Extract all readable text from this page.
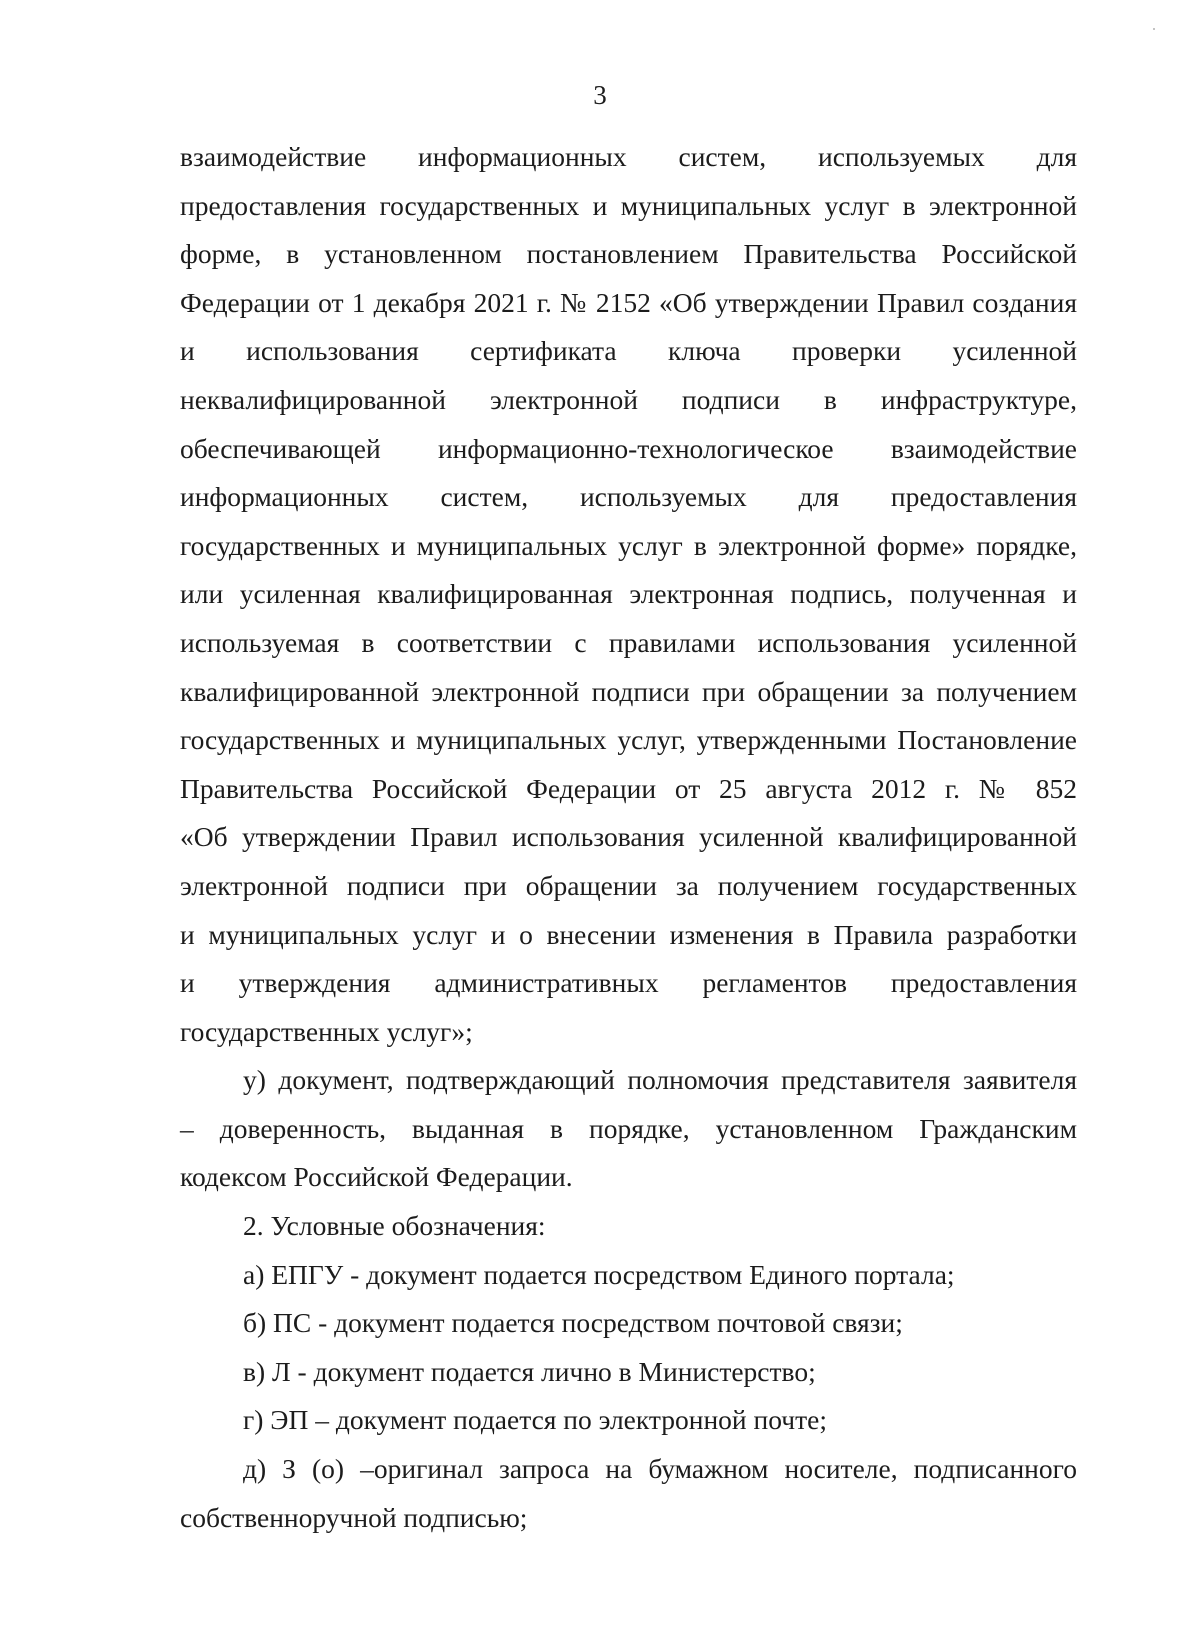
3
взаимодействие информационных систем, используемых для
предоставления государственных и муниципальных услуг в электронной
форме, в установленном постановлением Правительства Российской
Федерации от 1 декабря 2021 г. № 2152 «Об утверждении Правил создания
и использования сертификата ключа проверки усиленной
неквалифицированной электронной подписи в инфраструктуре,
обеспечивающей информационно-технологическое взаимодействие
информационных систем, используемых для предоставления
государственных и муниципальных услуг в электронной форме» порядке,
или усиленная квалифицированная электронная подпись, полученная и
используемая в соответствии с правилами использования усиленной
квалифицированной электронной подписи при обращении за получением
государственных и муниципальных услуг, утвержденными Постановление
Правительства Российской Федерации от 25 августа 2012 г. № 852
«Об утверждении Правил использования усиленной квалифицированной
электронной подписи при обращении за получением государственных
и муниципальных услуг и о внесении изменения в Правила разработки
и утверждения административных регламентов предоставления
государственных услуг»;
у) документ, подтверждающий полномочия представителя заявителя
– доверенность, выданная в порядке, установленном Гражданским
кодексом Российской Федерации.
2. Условные обозначения:
а) ЕПГУ - документ подается посредством Единого портала;
б) ПС - документ подается посредством почтовой связи;
в) Л - документ подается лично в Министерство;
г) ЭП – документ подается по электронной почте;
д) З (о) –оригинал запроса на бумажном носителе, подписанного
собственноручной подписью;
